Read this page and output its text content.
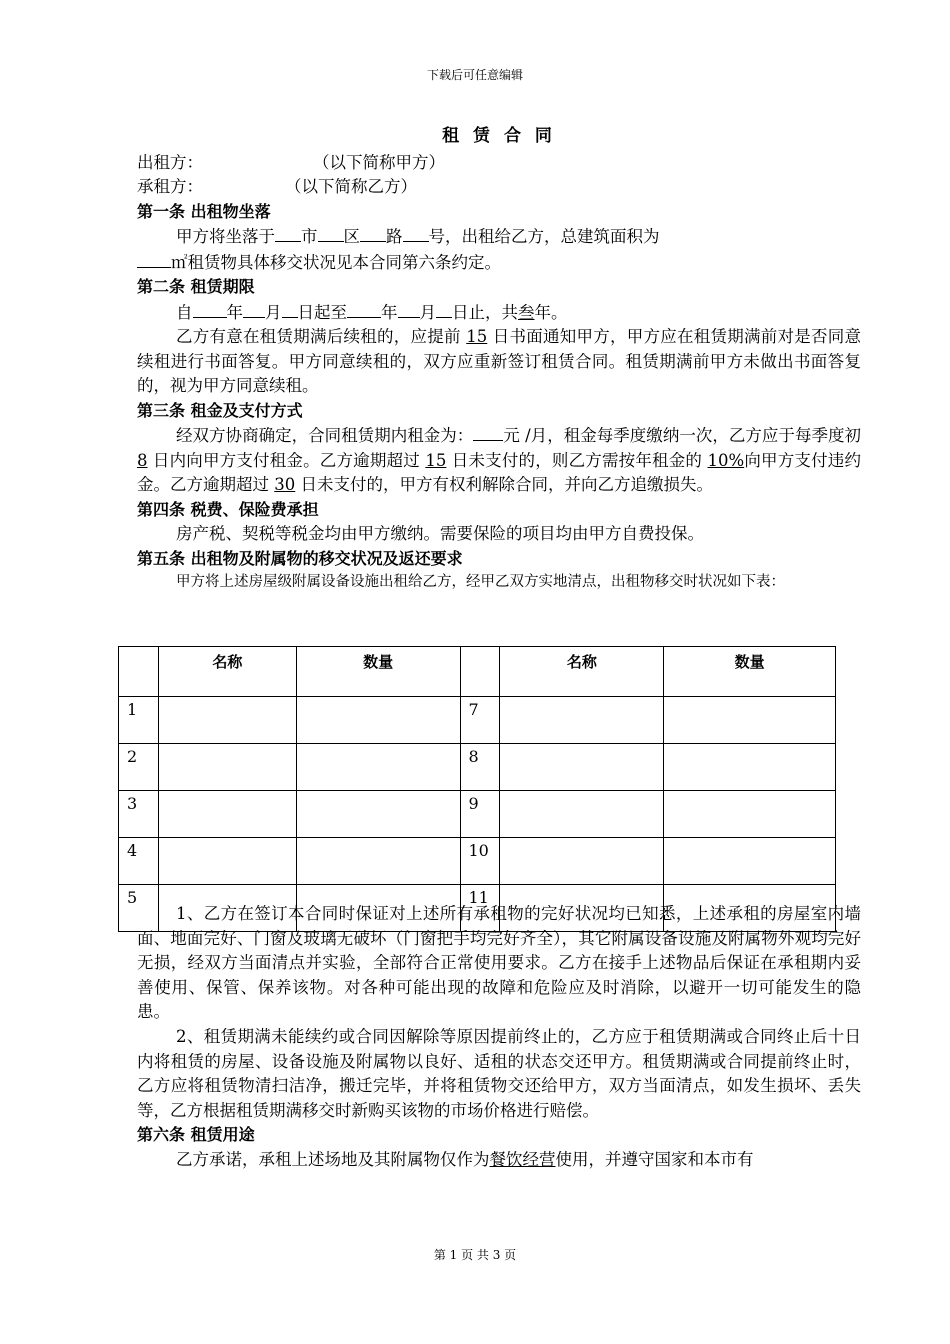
下载后可任意编辑
租 赁 合 同
出租方：	（以下简称甲方）
承租方：	（以下简称乙方）
第一条 出租物坐落
甲方将坐落于 市 区 路 号，出租给乙方，总建筑面积为
㎡租赁物具体移交状况见本合同第六条约定。
第二条 租赁期限
自 年 月 日起至 年 月 日止，共叁年。
乙方有意在租赁期满后续租的，应提前 15 日书面通知甲方，甲方应在租赁期满前对是否同意续租进行书面答复。甲方同意续租的，双方应重新签订租赁合同。租赁期满前甲方未做出书面答复的，视为甲方同意续租。
第三条 租金及支付方式
经双方协商确定，合同租赁期内租金为： 元 /月，租金每季度缴纳一次，乙方应于每季度初 8 日内向甲方支付租金。乙方逾期超过 15 日未支付的，则乙方需按年租金的 10%向甲方支付违约金。乙方逾期超过 30 日未支付的，甲方有权利解除合同，并向乙方追缴损失。
第四条 税费、保险费承担
房产税、契税等税金均由甲方缴纳。需要保险的项目均由甲方自费投保。
第五条 出租物及附属物的移交状况及返还要求
甲方将上述房屋级附属设备设施出租给乙方，经甲乙双方实地清点，出租物移交时状况如下表：
	名称	数量		名称	数量
1			7		
2			8		
3			9		
4			10		
5			11		
1、乙方在签订本合同时保证对上述所有承租物的完好状况均已知悉，上述承租的房屋室内墙面、地面完好、门窗及玻璃无破坏（门窗把手均完好齐全），其它附属设备设施及附属物外观均完好无损，经双方当面清点并实验，全部符合正常使用要求。乙方在接手上述物品后保证在承租期内妥善使用、保管、保养该物。对各种可能出现的故障和危险应及时消除，以避开一切可能发生的隐患。
2、租赁期满未能续约或合同因解除等原因提前终止的，乙方应于租赁期满或合同终止后十日内将租赁的房屋、设备设施及附属物以良好、适租的状态交还甲方。租赁期满或合同提前终止时，乙方应将租赁物清扫洁净，搬迁完毕，并将租赁物交还给甲方，双方当面清点，如发生损坏、丢失等，乙方根据租赁期满移交时新购买该物的市场价格进行赔偿。
第六条 租赁用途
乙方承诺，承租上述场地及其附属物仅作为餐饮经营使用，并遵守国家和本市有
第 1 页 共 3 页
